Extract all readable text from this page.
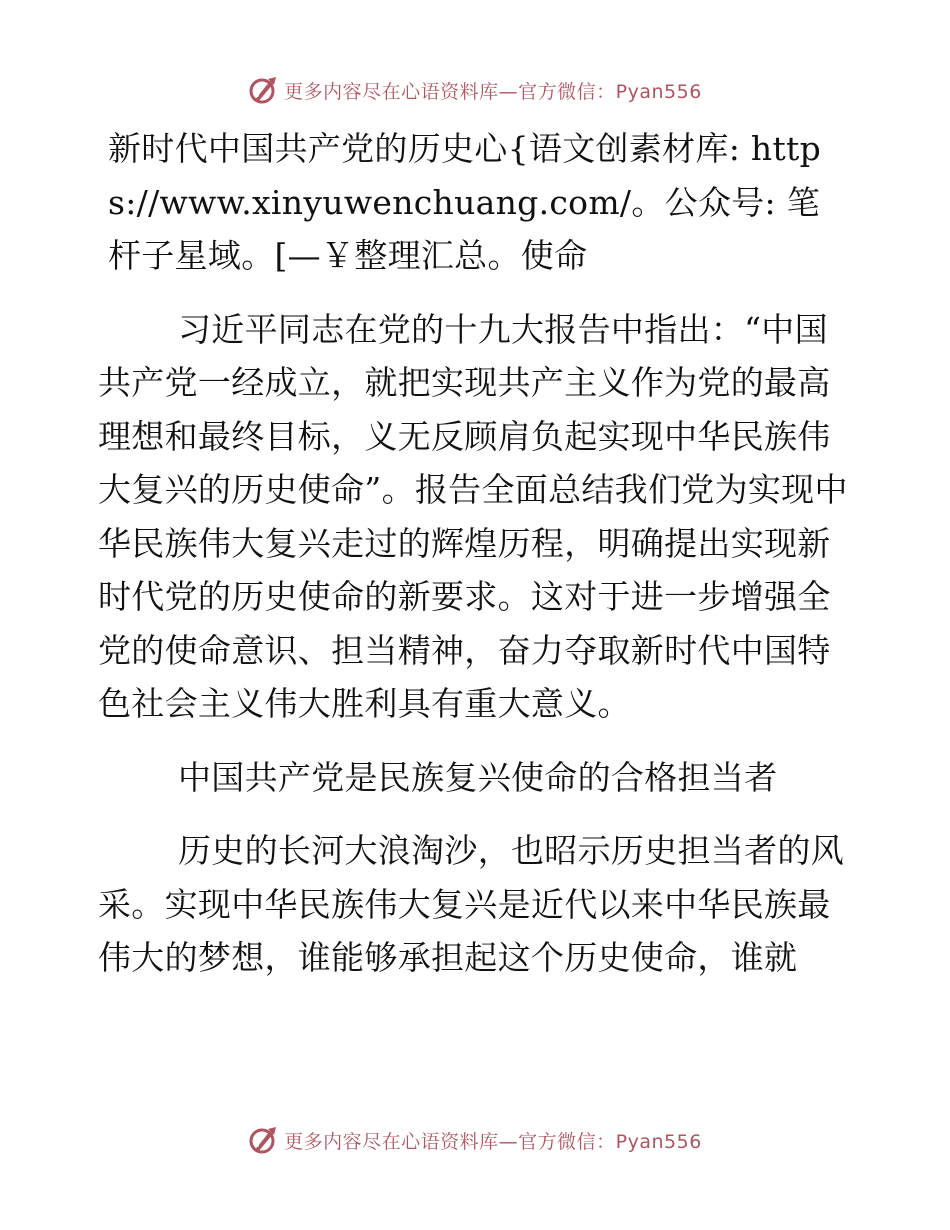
更多内容尽在心语资料库—官方微信：Pyan556

新时代中国共产党的历史心{语文创素材库: https://www.xinyuwenchuang.com/。公众号: 笔杆子星域。[—￥整理汇总。使命

习近平同志在党的十九大报告中指出：“中国共产党一经成立，就把实现共产主义作为党的最高理想和最终目标，义无反顾肩负起实现中华民族伟大复兴的历史使命”。报告全面总结我们党为实现中华民族伟大复兴走过的辉煌历程，明确提出实现新时代党的历史使命的新要求。这对于进一步增强全党的使命意识、担当精神，奋力夺取新时代中国特色社会主义伟大胜利具有重大意义。

中国共产党是民族复兴使命的合格担当者

历史的长河大浪淘沙，也昭示历史担当者的风采。实现中华民族伟大复兴是近代以来中华民族最伟大的梦想，谁能够承担起这个历史使命，谁就

更多内容尽在心语资料库—官方微信：Pyan556
